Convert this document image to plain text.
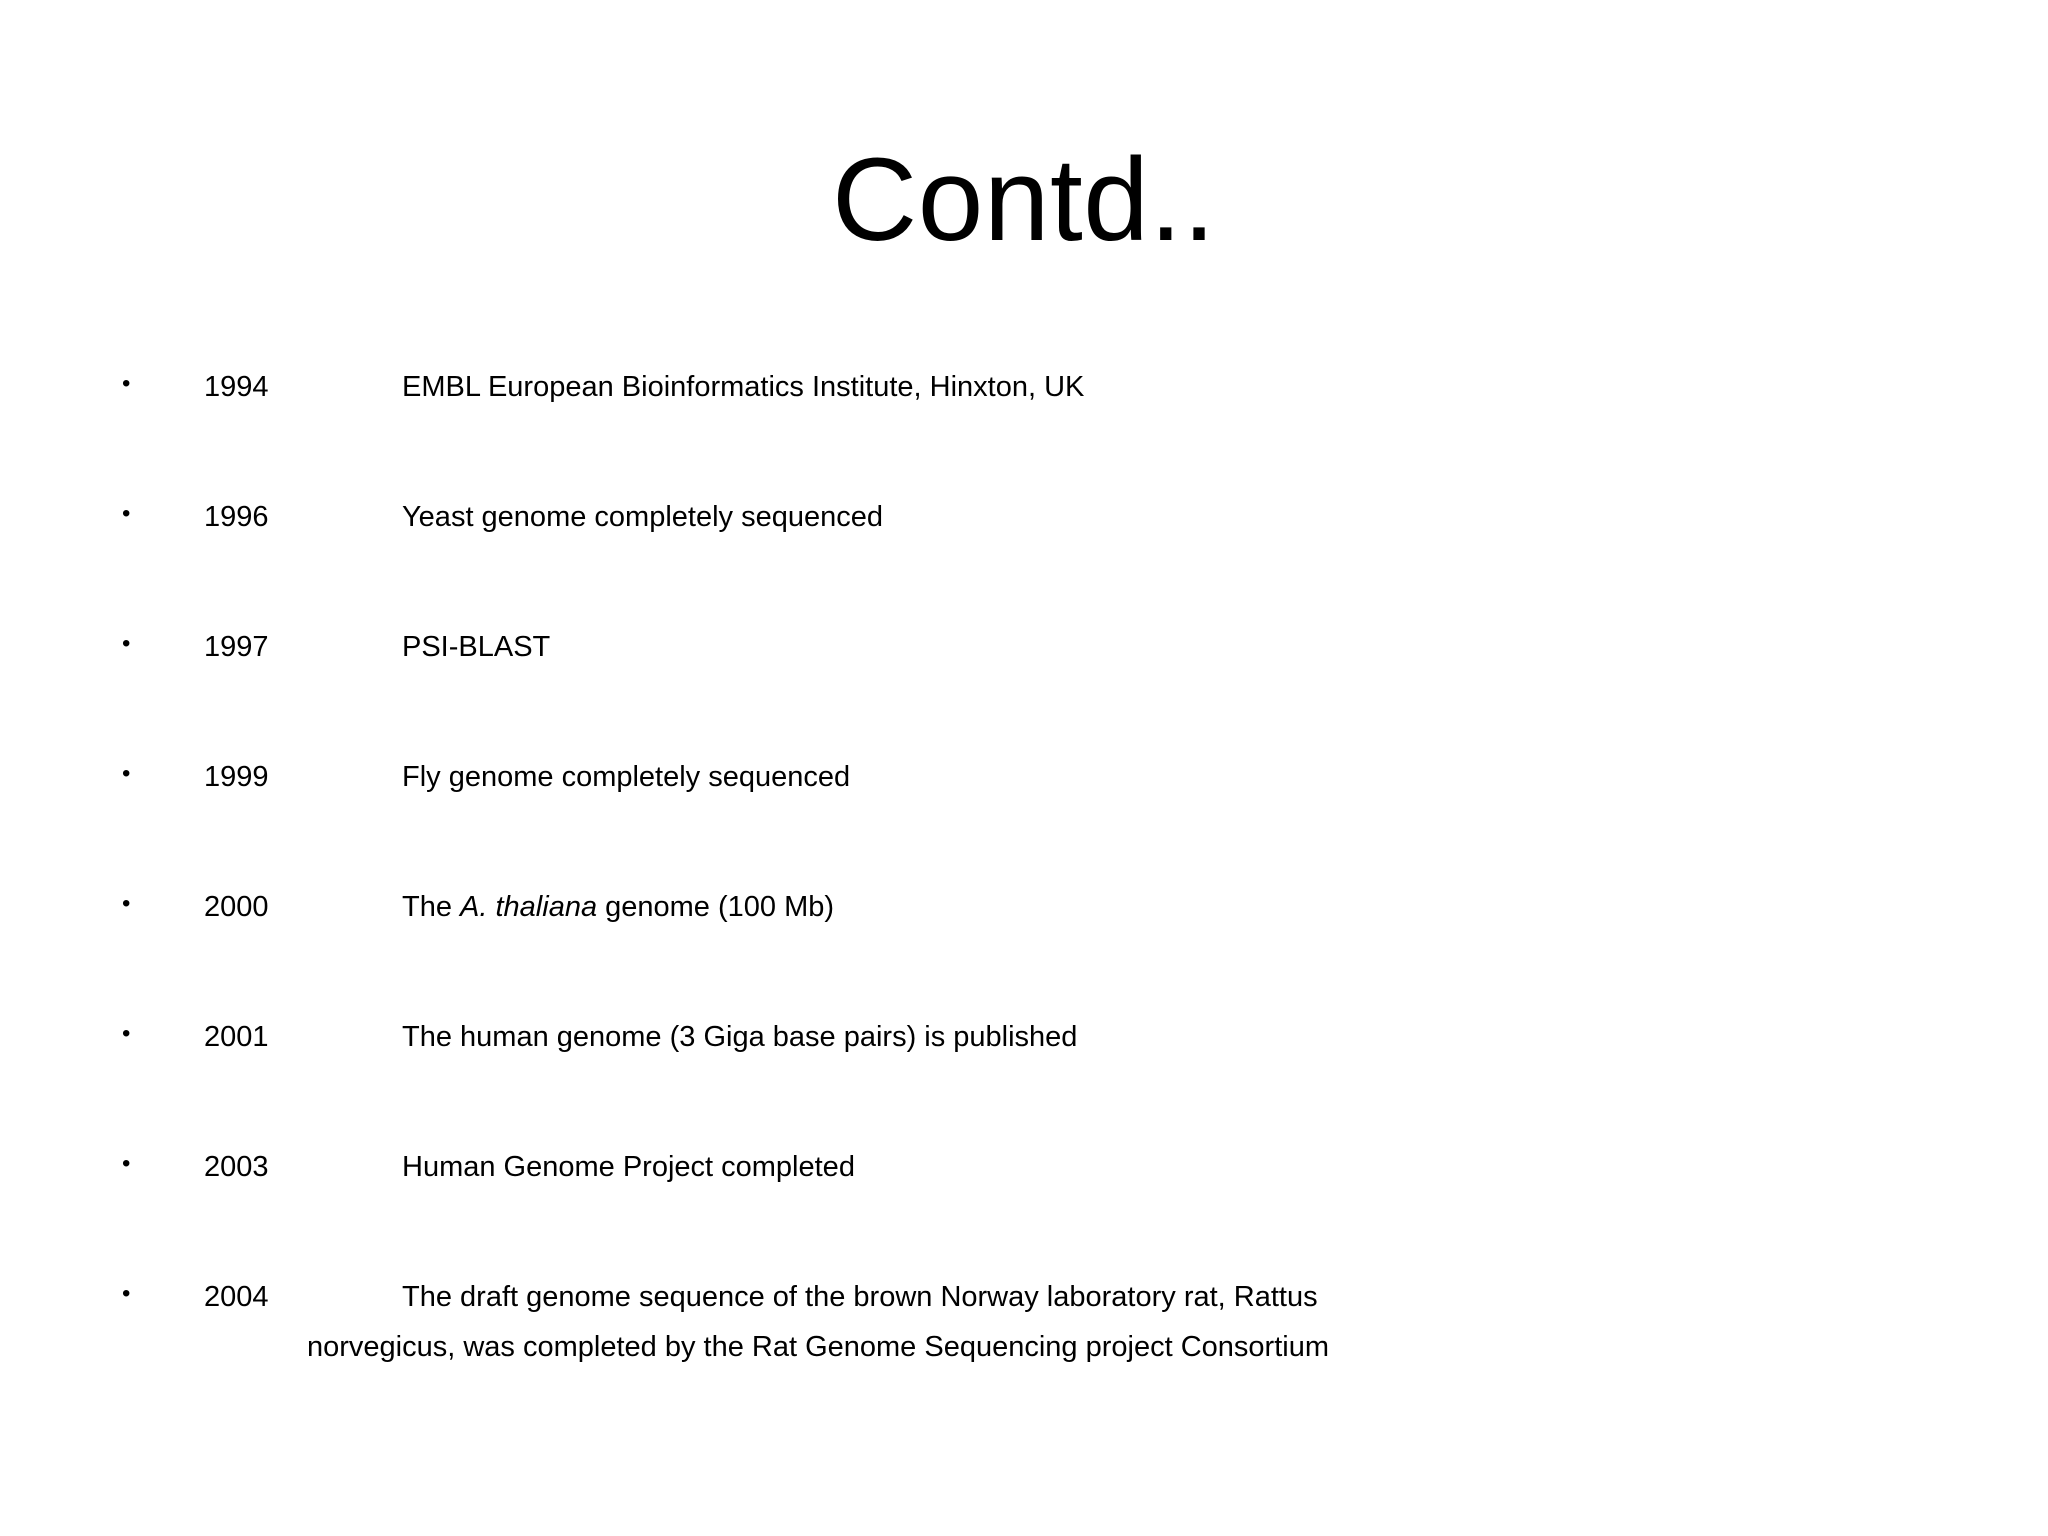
Contd..
•	1994	EMBL European Bioinformatics Institute, Hinxton, UK
•	1996	Yeast genome completely sequenced
•	1997	PSI-BLAST
•	1999	Fly genome completely sequenced
•	2000	The A. thaliana genome (100 Mb)
•	2001	The human genome (3 Giga base pairs) is published
•	2003	Human Genome Project completed
•	2004	The draft genome sequence of the brown Norway laboratory rat, Rattus
norvegicus, was completed by the Rat Genome Sequencing project Consortium
